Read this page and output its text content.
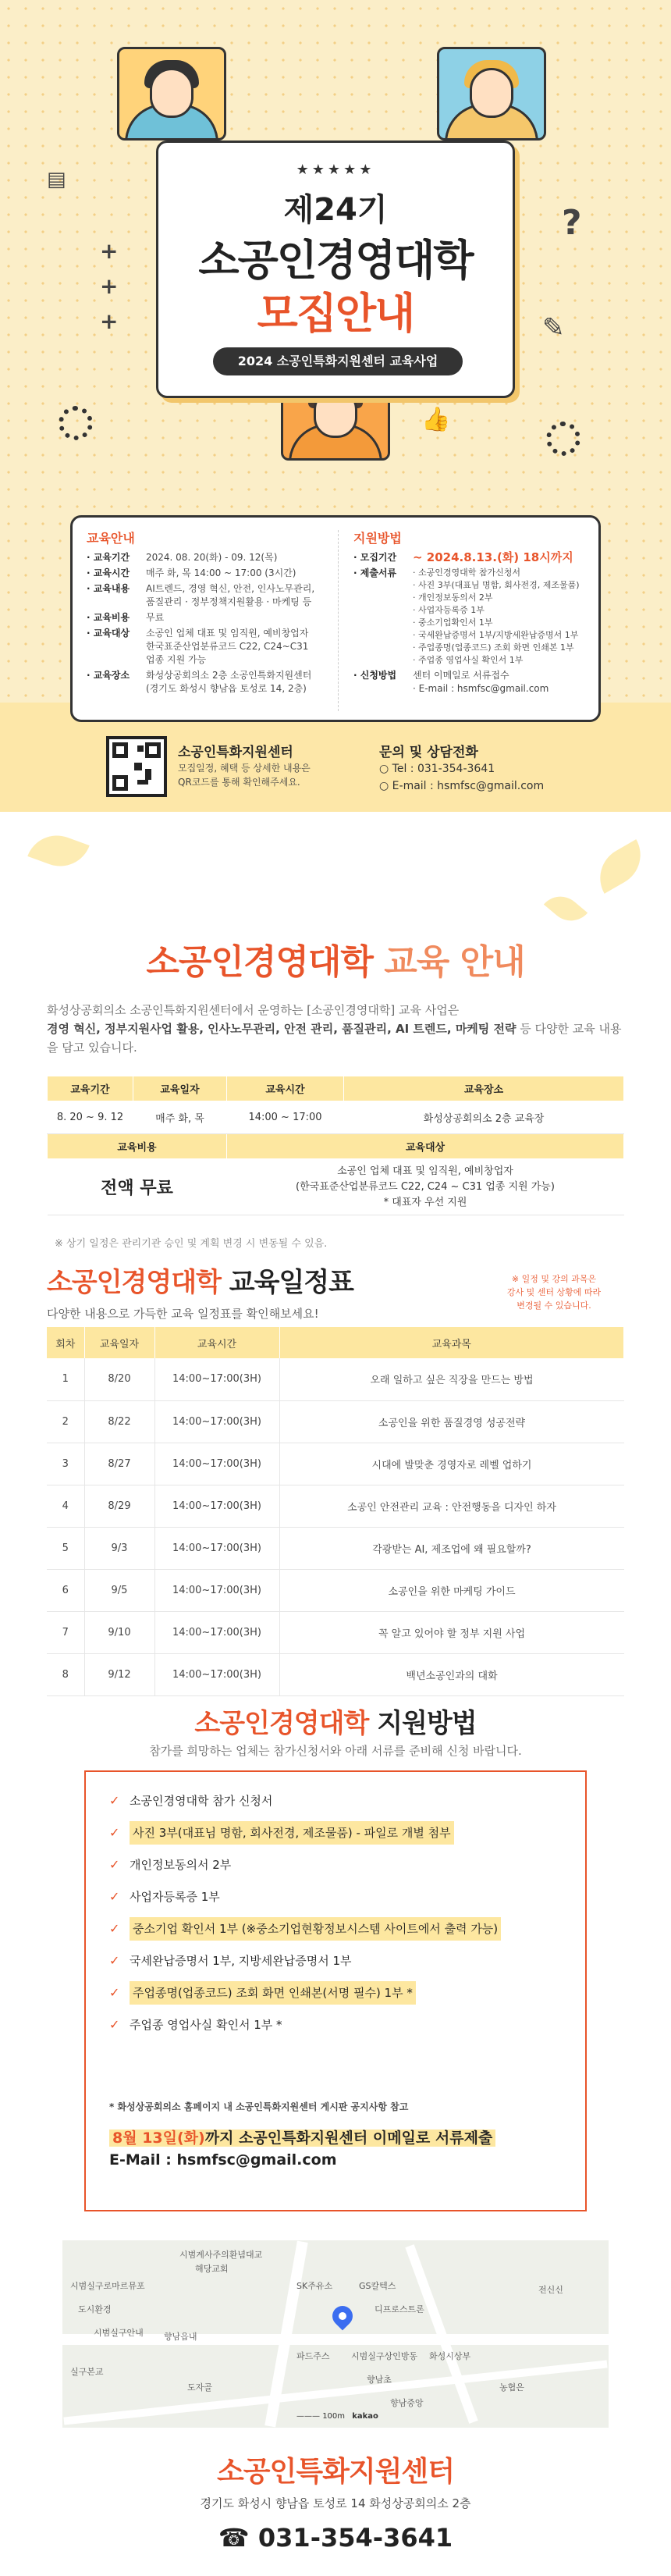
+
+
+
?
▤
✎
👍
★★★★★
제24기
소공인경영대학
모집안내
2024 소공인특화지원센터 교육사업
교육안내
· 교육기간	2024. 08. 20(화) - 09. 12(목)
· 교육시간	매주 화, 목 14:00 ~ 17:00 (3시간)
· 교육내용	AI트렌드, 경영 혁신, 안전, 인사노무관리,
품질관리 · 정부정책지원활용 · 마케팅 등
· 교육비용	무료
· 교육대상	소공인 업체 대표 및 임직원, 예비창업자
한국표준산업분류코드 C22, C24~C31
업종 지원 가능
· 교육장소	화성상공회의소 2층 소공인특화지원센터
(경기도 화성시 향남읍 토성로 14, 2층)
지원방법
· 모집기간	~ 2024.8.13.(화) 18시까지
· 제출서류	· 소공인경영대학 참가신청서
· 사진 3부(대표님 명함, 회사전경, 제조물품)
· 개인정보동의서 2부
· 사업자등록증 1부
· 중소기업확인서 1부
· 국세완납증명서 1부/지방세완납증명서 1부
· 주업종명(업종코드) 조회 화면 인쇄본 1부
· 주업종 영업사실 확인서 1부
· 신청방법	센터 이메일로 서류접수
· E-mail : hsmfsc@gmail.com
소공인특화지원센터
모집일정, 혜택 등 상세한 내용은
QR코드를 통해 확인해주세요.
문의 및 상담전화
○ Tel : 031-354-3641
○ E-mail : hsmfsc@gmail.com
소공인경영대학 교육 안내
화성상공회의소 소공인특화지원센터에서 운영하는 [소공인경영대학] 교육 사업은
경영 혁신, 정부지원사업 활용, 인사노무관리, 안전 관리, 품질관리, AI 트렌드, 마케팅 전략 등 다양한 교육 내용을 담고 있습니다.
교육기간	교육일자	교육시간	교육장소
8. 20 ~ 9. 12	매주 화, 목	14:00 ~ 17:00	화성상공회의소 2층 교육장
교육비용		교육대상	
전액 무료		소공인 업체 대표 및 임직원, 예비창업자
(한국표준산업분류코드 C22, C24 ~ C31 업종 지원 가능)
* 대표자 우선 지원	
※ 상기 일정은 관리기관 승인 및 계획 변경 시 변동될 수 있음.
소공인경영대학 교육일정표
다양한 내용으로 가득한 교육 일정표를 확인해보세요!
※ 일정 및 강의 과목은
강사 및 센터 상황에 따라
변경될 수 있습니다.
회차	교육일자	교육시간	교육과목
1	8/20	14:00~17:00(3H)	오래 일하고 싶은 직장을 만드는 방법
2	8/22	14:00~17:00(3H)	소공인을 위한 품질경영 성공전략
3	8/27	14:00~17:00(3H)	시대에 발맞춘 경영자로 레벨 업하기
4	8/29	14:00~17:00(3H)	소공인 안전관리 교육 : 안전행동을 디자인 하자
5	9/3	14:00~17:00(3H)	각광받는 AI, 제조업에 왜 필요할까?
6	9/5	14:00~17:00(3H)	소공인을 위한 마케팅 가이드
7	9/10	14:00~17:00(3H)	꼭 알고 있어야 할 정부 지원 사업
8	9/12	14:00~17:00(3H)	백년소공인과의 대화
소공인경영대학 지원방법
참가를 희망하는 업체는 참가신청서와 아래 서류를 준비해 신청 바랍니다.
✓ 소공인경영대학 참가 신청서
✓	사진 3부(대표님 명함, 회사전경, 제조물품) - 파일로 개별 첨부
✓ 개인정보동의서 2부
✓ 사업자등록증 1부
✓	중소기업 확인서 1부 (※중소기업현황정보시스템 사이트에서 출력 가능)
✓ 국세완납증명서 1부, 지방세완납증명서 1부
✓	주업종명(업종코드) 조회 화면 인쇄본(서명 필수) 1부 *
✓ 주업종 영업사실 확인서 1부 *
* 화성상공회의소 홈페이지 내 소공인특화지원센터 게시판 공지사항 참고
8월 13일(화)까지 소공인특화지원센터 이메일로 서류제출
E-Mail : hsmfsc@gmail.com
시범계사주의환념대교
해당교회
SK주유소	GS칼텍스
디프로스트론
전신신
시범실구로마르뮤포
도시환경
시범실구안내 향남읍내
시범실구상인방동 화성시상부
향남초
실구본교
도자골
향남중앙
파드주스
농협은
——— 100m kakao
소공인특화지원센터
경기도 화성시 향남읍 토성로 14 화성상공회의소 2층
☎ 031-354-3641
